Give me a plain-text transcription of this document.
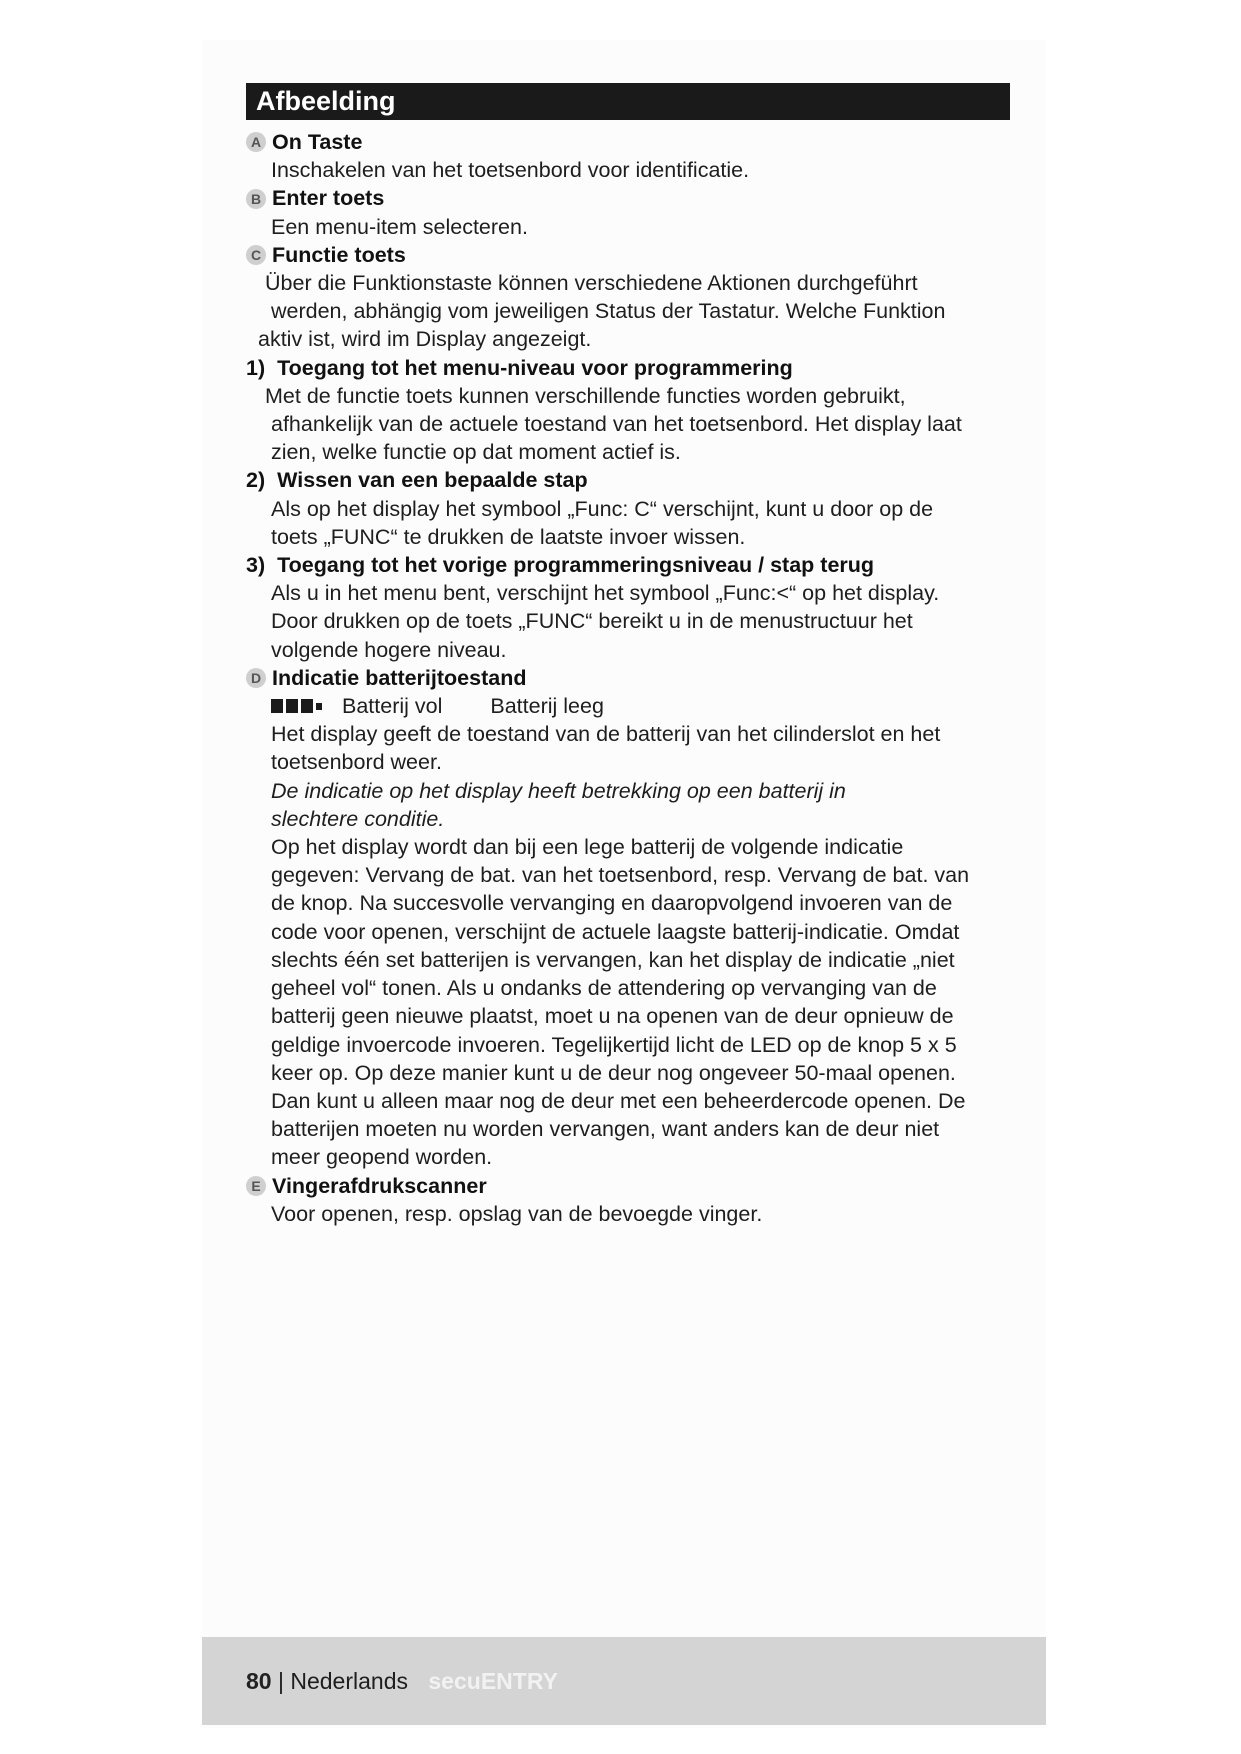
Afbeelding
A On Taste
Inschakelen van het toetsenbord voor identificatie.
B Enter toets
Een menu-item selecteren.
C Functie toets
Über die Funktionstaste können verschiedene Aktionen durchgeführt
werden, abhängig vom jeweiligen Status der Tastatur. Welche Funktion
aktiv ist, wird im Display angezeigt.
1) Toegang tot het menu-niveau voor programmering
Met de functie toets kunnen verschillende functies worden gebruikt,
afhankelijk van de actuele toestand van het toetsenbord. Het display laat
zien, welke functie op dat moment actief is.
2) Wissen van een bepaalde stap
Als op het display het symbool „Func: C“ verschijnt, kunt u door op de
toets „FUNC“ te drukken de laatste invoer wissen.
3) Toegang tot het vorige programmeringsniveau / stap terug
Als u in het menu bent, verschijnt het symbool „Func:<“ op het display.
Door drukken op de toets „FUNC“ bereikt u in de menustructuur het
volgende hogere niveau.
D Indicatie batterijtoestand
Batterij vol Batterij leeg
Het display geeft de toestand van de batterij van het cilinderslot en het
toetsenbord weer.
De indicatie op het display heeft betrekking op een batterij in
slechtere conditie.
Op het display wordt dan bij een lege batterij de volgende indicatie
gegeven: Vervang de bat. van het toetsenbord, resp. Vervang de bat. van
de knop. Na succesvolle vervanging en daaropvolgend invoeren van de
code voor openen, verschijnt de actuele laagste batterij-indicatie. Omdat
slechts één set batterijen is vervangen, kan het display de indicatie „niet
geheel vol“ tonen. Als u ondanks de attendering op vervanging van de
batterij geen nieuwe plaatst, moet u na openen van de deur opnieuw de
geldige invoercode invoeren. Tegelijkertijd licht de LED op de knop 5 x 5
keer op. Op deze manier kunt u de deur nog ongeveer 50-maal openen.
Dan kunt u alleen maar nog de deur met een beheerdercode openen. De
batterijen moeten nu worden vervangen, want anders kan de deur niet
meer geopend worden.
E Vingerafdrukscanner
Voor openen, resp. opslag van de bevoegde vinger.
80 | Nederlands secuENTRY
